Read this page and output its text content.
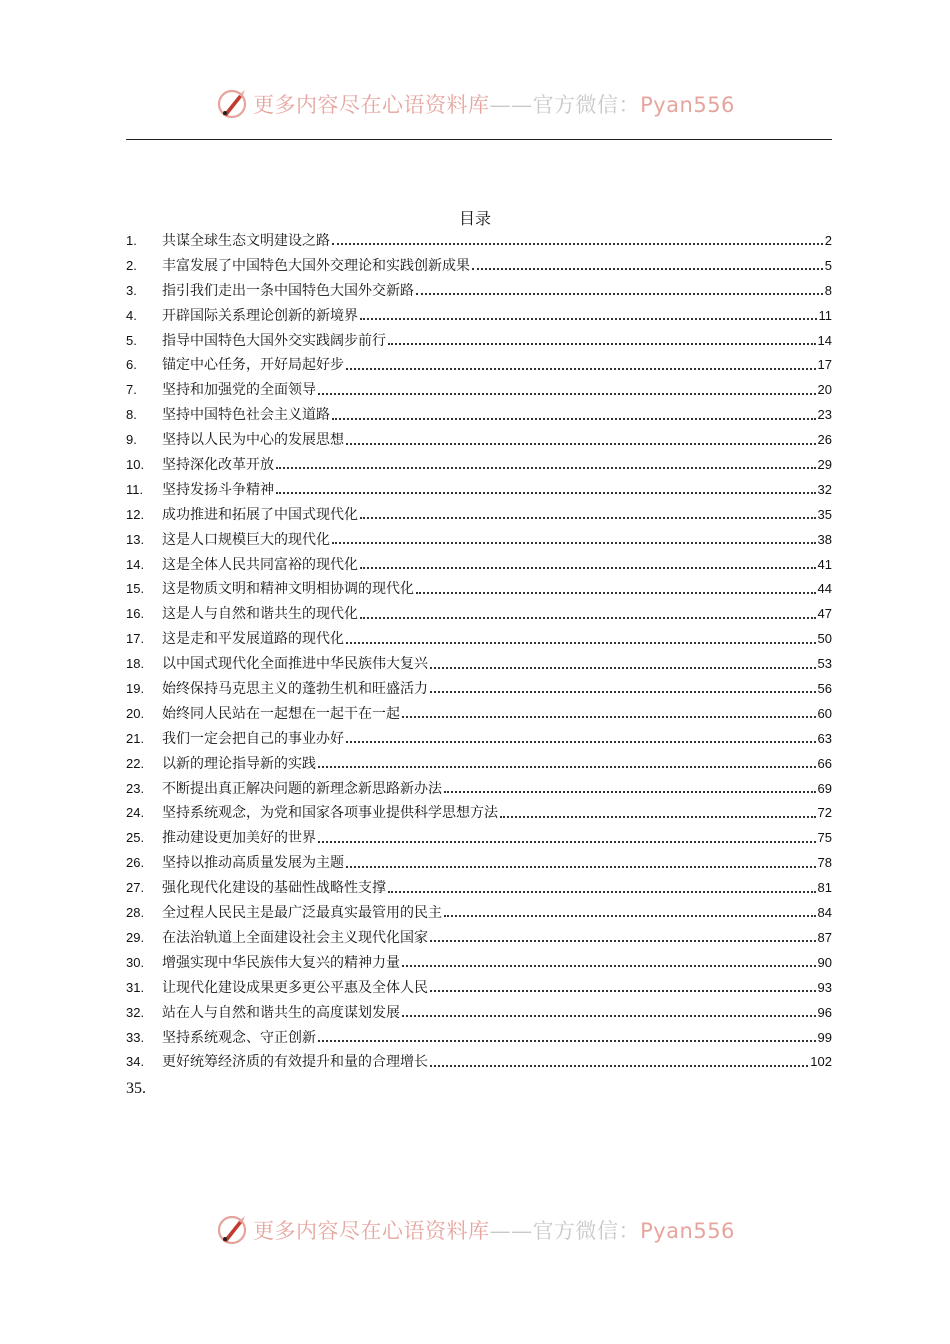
更多内容尽在心语资料库——官方微信：Pyan556
目录
1.	共谋全球生态文明建设之路	2
2.	丰富发展了中国特色大国外交理论和实践创新成果	5
3.	指引我们走出一条中国特色大国外交新路	8
4.	开辟国际关系理论创新的新境界	11
5.	指导中国特色大国外交实践阔步前行	14
6.	锚定中心任务，开好局起好步	17
7.	坚持和加强党的全面领导	20
8.	坚持中国特色社会主义道路	23
9.	坚持以人民为中心的发展思想	26
10.	坚持深化改革开放	29
11.	坚持发扬斗争精神	32
12.	成功推进和拓展了中国式现代化	35
13.	这是人口规模巨大的现代化	38
14.	这是全体人民共同富裕的现代化	41
15.	这是物质文明和精神文明相协调的现代化	44
16.	这是人与自然和谐共生的现代化	47
17.	这是走和平发展道路的现代化	50
18.	以中国式现代化全面推进中华民族伟大复兴	53
19.	始终保持马克思主义的蓬勃生机和旺盛活力	56
20.	始终同人民站在一起想在一起干在一起	60
21.	我们一定会把自己的事业办好	63
22.	以新的理论指导新的实践	66
23.	不断提出真正解决问题的新理念新思路新办法	69
24.	坚持系统观念，为党和国家各项事业提供科学思想方法	72
25.	推动建设更加美好的世界	75
26.	坚持以推动高质量发展为主题	78
27.	强化现代化建设的基础性战略性支撑	81
28.	全过程人民民主是最广泛最真实最管用的民主	84
29.	在法治轨道上全面建设社会主义现代化国家	87
30.	增强实现中华民族伟大复兴的精神力量	90
31.	让现代化建设成果更多更公平惠及全体人民	93
32.	站在人与自然和谐共生的高度谋划发展	96
33.	坚持系统观念、守正创新	99
34.	更好统筹经济质的有效提升和量的合理增长	102
35.
更多内容尽在心语资料库——官方微信：Pyan556
